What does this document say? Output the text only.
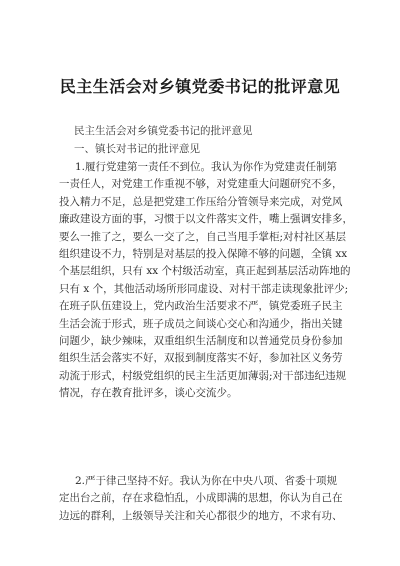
民主生活会对乡镇党委书记的批评意见
民主生活会对乡镇党委书记的批评意见
一、镇长对书记的批评意见
1.履行党建第一责任不到位。我认为你作为党建责任制第
一责任人，对党建工作重视不够，对党建重大问题研究不多，
投入精力不足，总是把党建工作压给分管领导来完成，对党风
廉政建设方面的事，习惯于以文件落实文件，嘴上强调安排多，
要么一推了之，要么一交了之，自己当甩手掌柜;对村社区基层
组织建设不力，特别是对基层的投入保障不够的问题，全镇 xx
个基层组织，只有 xx 个村级活动室，真正起到基层活动阵地的
只有 x 个，其他活动场所形同虚设、对村干部走读现象批评少;
在班子队伍建设上，党内政治生活要求不严，镇党委班子民主
生活会流于形式，班子成员之间谈心交心和沟通少，指出关键
问题少，缺少辣味，双重组织生活制度和以普通党员身份参加
组织生活会落实不好，双报到制度落实不好，参加社区义务劳
动流于形式，村级党组织的民主生活更加薄弱;对干部违纪违规
情况，存在教育批评多，谈心交流少。
2.严于律己坚持不好。我认为你在中央八项、省委十项规
定出台之前，存在求稳怕乱，小成即满的思想，你认为自己在
边远的群利，上级领导关注和关心都很少的地方，不求有功、
